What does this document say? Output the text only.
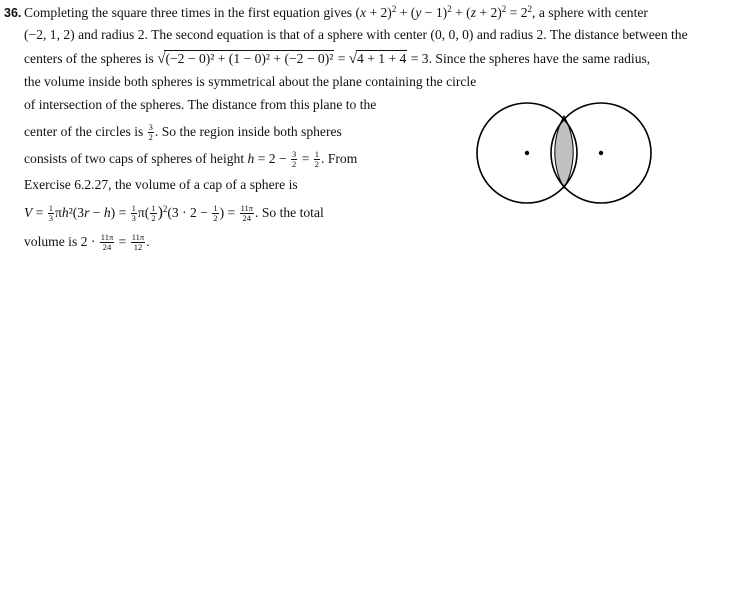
36. Completing the square three times in the first equation gives $(x + 2)^2 + (y - 1)^2 + (z + 2)^2 = 2^2$, a sphere with center
(−2, 1, 2) and radius 2. The second equation is that of a sphere with center (0, 0, 0) and radius 2. The distance between the
centers of the spheres is √(−2 − 0)² + (1 − 0)² + (−2 − 0)² = √4 + 1 + 4 = 3. Since the spheres have the same radius,
the volume inside both spheres is symmetrical about the plane containing the circle
of intersection of the spheres. The distance from this plane to the
center of the circles is $\frac{3}{2}$ . So the region inside both spheres
consists of two caps of spheres of height $h = 2 - \frac{3}{2} = \frac{1}{2}$ . From
Exercise 6.2.27, the volume of a cap of a sphere is
$V = \frac{1}{3} \pi h^2(3r - h) = \frac{1}{3} \pi( \frac{1}{2} )^2(3 \cdot 2 - \frac{1}{2}$ ) = $\frac{11\pi}{24}$ . So the total
volume is $2 \cdot \frac{11\pi}{24} = \frac{11\pi}{12}$ .
